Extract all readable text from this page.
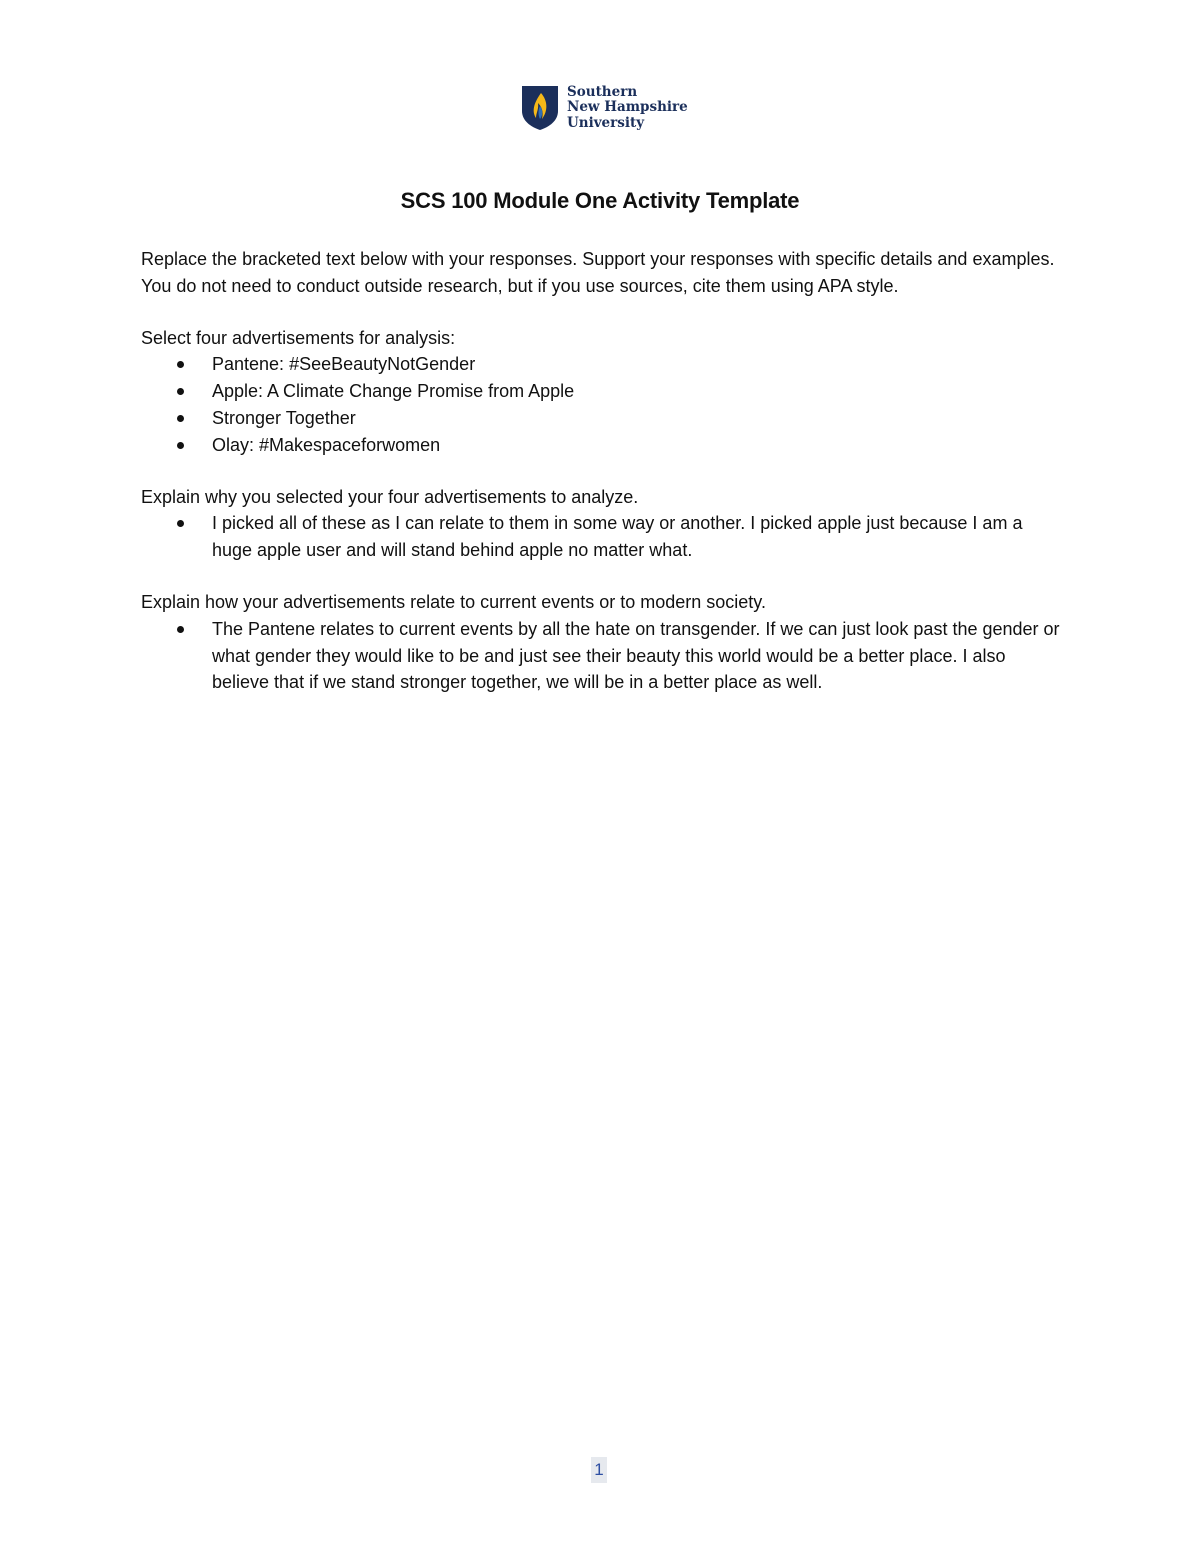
Southern
New Hampshire
University
SCS 100 Module One Activity Template

Replace the bracketed text below with your responses. Support your responses with specific details and examples. You do not need to conduct outside research, but if you use sources, cite them using APA style.

Select four advertisements for analysis:

Pantene: #SeeBeautyNotGender
Apple: A Climate Change Promise from Apple
Stronger Together
Olay: #Makespaceforwomen

Explain why you selected your four advertisements to analyze.

I picked all of these as I can relate to them in some way or another. I picked apple just because I am a huge apple user and will stand behind apple no matter what.

Explain how your advertisements relate to current events or to modern society.

The Pantene relates to current events by all the hate on transgender. If we can just look past the gender or what gender they would like to be and just see their beauty this world would be a better place. I also believe that if we stand stronger together, we will be in a better place as well.
1
